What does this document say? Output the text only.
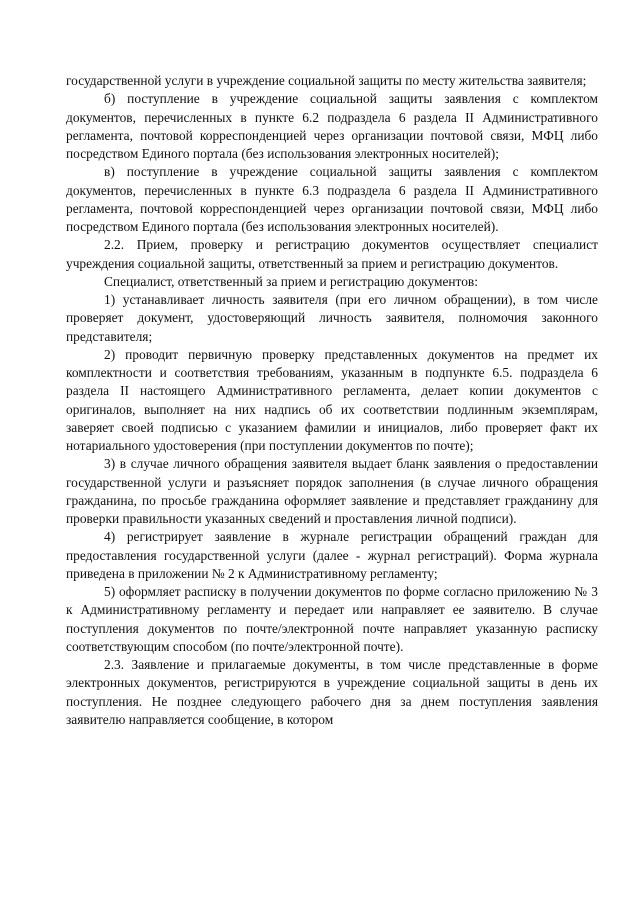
государственной услуги в учреждение социальной защиты по месту жительства заявителя;

б) поступление в учреждение социальной защиты заявления с комплектом документов, перечисленных в пункте 6.2 подраздела 6 раздела II Административного регламента, почтовой корреспонденцией через организации почтовой связи, МФЦ либо посредством Единого портала (без использования электронных носителей);

в) поступление в учреждение социальной защиты заявления с комплектом документов, перечисленных в пункте 6.3 подраздела 6 раздела II Административного регламента, почтовой корреспонденцией через организации почтовой связи, МФЦ либо посредством Единого портала (без использования электронных носителей).

2.2. Прием, проверку и регистрацию документов осуществляет специалист учреждения социальной защиты, ответственный за прием и регистрацию документов.

Специалист, ответственный за прием и регистрацию документов:

1) устанавливает личность заявителя (при его личном обращении), в том числе проверяет документ, удостоверяющий личность заявителя, полномочия законного представителя;

2) проводит первичную проверку представленных документов на предмет их комплектности и соответствия требованиям, указанным в подпункте 6.5. подраздела 6 раздела II настоящего Административного регламента, делает копии документов с оригиналов, выполняет на них надпись об их соответствии подлинным экземплярам, заверяет своей подписью с указанием фамилии и инициалов, либо проверяет факт их нотариального удостоверения (при поступлении документов по почте);

3) в случае личного обращения заявителя выдает бланк заявления о предоставлении государственной услуги и разъясняет порядок заполнения (в случае личного обращения гражданина, по просьбе гражданина оформляет заявление и представляет гражданину для проверки правильности указанных сведений и проставления личной подписи).

4) регистрирует заявление в журнале регистрации обращений граждан для предоставления государственной услуги (далее - журнал регистраций). Форма журнала приведена в приложении № 2 к Административному регламенту;

5) оформляет расписку в получении документов по форме согласно приложению № 3 к Административному регламенту и передает или направляет ее заявителю. В случае поступления документов по почте/электронной почте направляет указанную расписку соответствующим способом (по почте/электронной почте).

2.3. Заявление и прилагаемые документы, в том числе представленные в форме электронных документов, регистрируются в учреждение социальной защиты в день их поступления. Не позднее следующего рабочего дня за днем поступления заявления заявителю направляется сообщение, в котором
